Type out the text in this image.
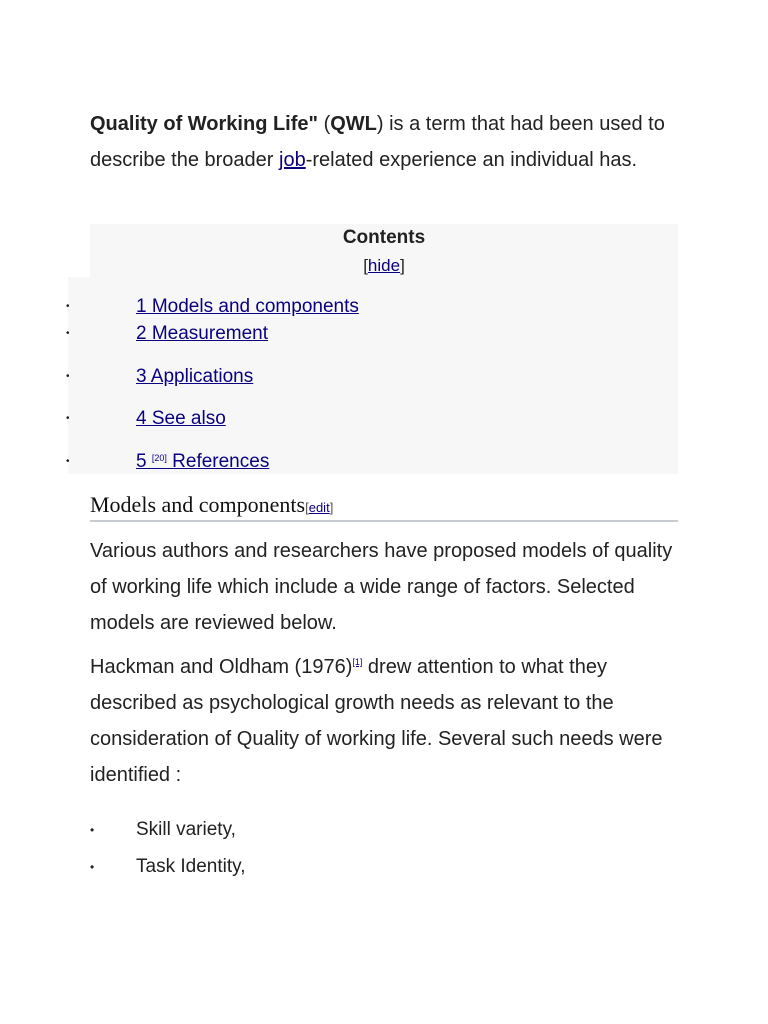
Quality of Working Life" (QWL) is a term that had been used to describe the broader job-related experience an individual has.

Contents
[hide]
•	1 Models and components
•	2 Measurement
•	3 Applications
•	4 See also
•	5 [20] References
Models and components[edit]

Various authors and researchers have proposed models of quality of working life which include a wide range of factors. Selected models are reviewed below.

Hackman and Oldham (1976)[1] drew attention to what they described as psychological growth needs as relevant to the consideration of Quality of working life. Several such needs were identified :

• Skill variety,
• Task Identity,
